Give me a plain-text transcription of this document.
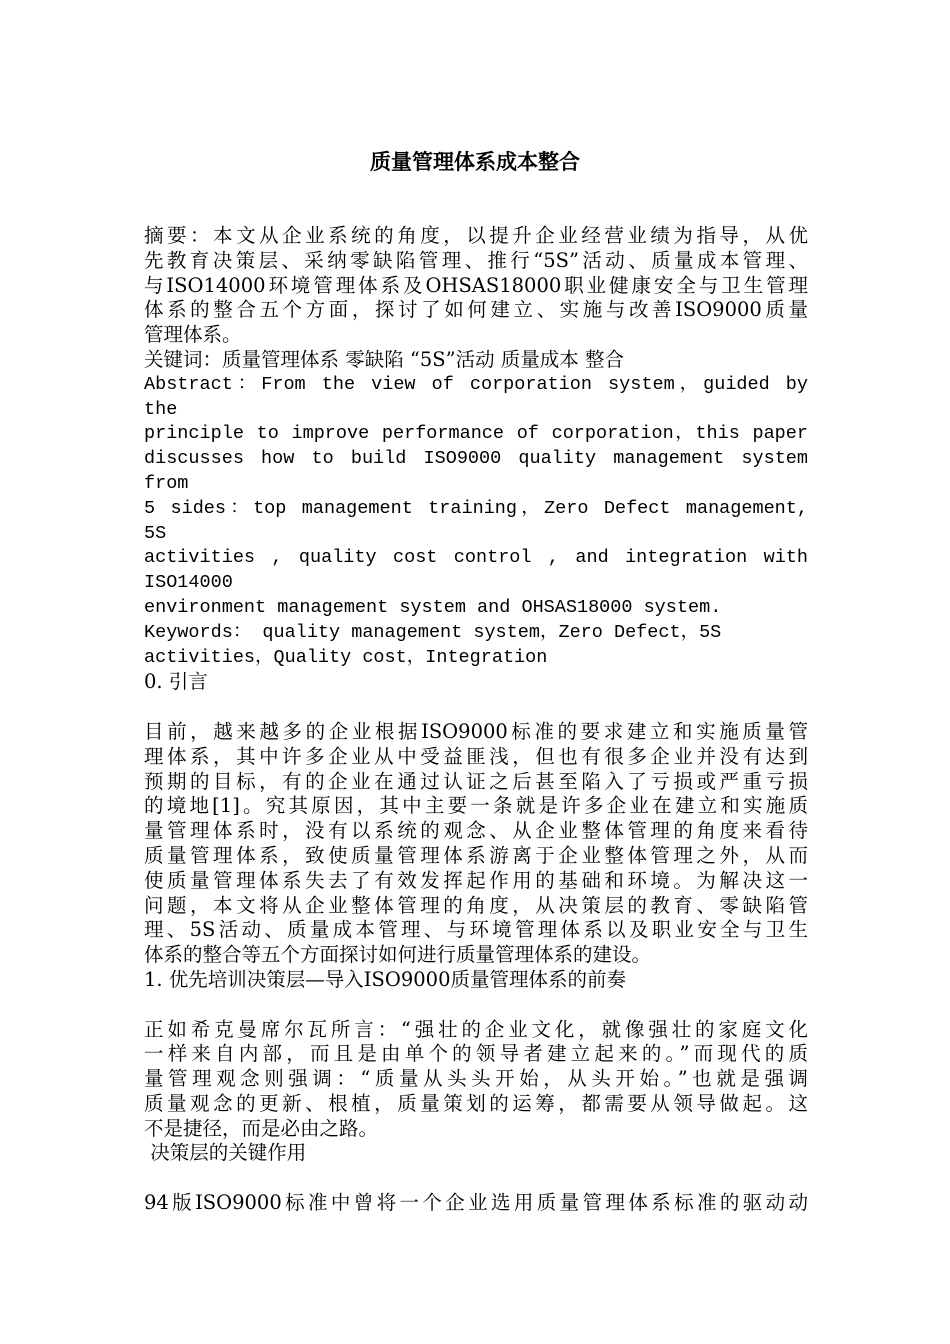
质量管理体系成本整合
摘要：本文从企业系统的角度，以提升企业经营业绩为指导，从优
先教育决策层、采纳零缺陷管理、推行“5S”活动、质量成本管理、
与ISO14000环境管理体系及OHSAS18000职业健康安全与卫生管理
体系的整合五个方面，探讨了如何建立、实施与改善ISO9000质量
管理体系。
关键词：质量管理体系 零缺陷 “5S”活动 质量成本 整合
Abstract：From the view of corporation system，guided by
the
principle to improve performance of corporation，this paper
discusses how to build ISO9000 quality management system
from
5 sides：top management training，Zero Defect management,
5S
activities , quality cost control , and integration with
ISO14000
environment management system and OHSAS18000 system.
Keywords： quality management system，Zero Defect，5S
activities，Quality cost，Integration
0. 引言
目前，越来越多的企业根据ISO9000标准的要求建立和实施质量管
理体系，其中许多企业从中受益匪浅，但也有很多企业并没有达到
预期的目标，有的企业在通过认证之后甚至陷入了亏损或严重亏损
的境地[1]。究其原因，其中主要一条就是许多企业在建立和实施质
量管理体系时，没有以系统的观念、从企业整体管理的角度来看待
质量管理体系，致使质量管理体系游离于企业整体管理之外，从而
使质量管理体系失去了有效发挥起作用的基础和环境。为解决这一
问题，本文将从企业整体管理的角度，从决策层的教育、零缺陷管
理、5S活动、质量成本管理、与环境管理体系以及职业安全与卫生
体系的整合等五个方面探讨如何进行质量管理体系的建设。
1. 优先培训决策层—导入ISO9000质量管理体系的前奏
正如希克曼席尔瓦所言：“强壮的企业文化，就像强壮的家庭文化
一样来自内部，而且是由单个的领导者建立起来的。”而现代的质
量管理观念则强调：“质量从头头开始，从头开始。”也就是强调
质量观念的更新、根植，质量策划的运筹，都需要从领导做起。这
不是捷径，而是必由之路。
决策层的关键作用
94版ISO9000标准中曾将一个企业选用质量管理体系标准的驱动动
